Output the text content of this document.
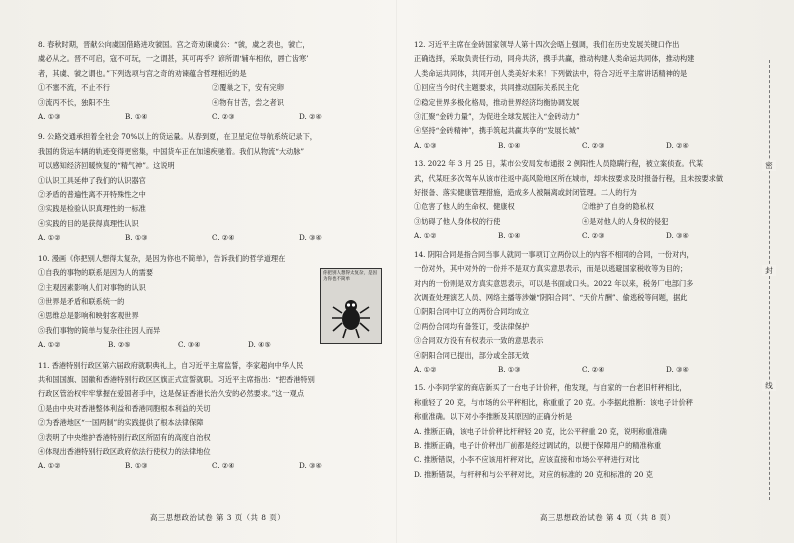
8. 春秋时期，晋献公向虞国借路进攻虢国。宫之奇劝谏虞公：“虢，虞之表也，虢亡，
虞必从之。晋不可启，寇不可玩，一之谓甚，其可再乎？谚所谓‘辅车相依，唇亡齿寒’
者，其虞、虢之谓也。”下列选项与宫之奇的劝谏蕴含哲理相近的是
①不塞不流，不止不行	②覆巢之下，安有完卵
③流丙不长，独阳不生	④物有甘苦，尝之者识
A. ①③	B. ①④	C. ②③	D. ②④
9. 公路交通承担着全社会 70%以上的货运量。从春到夏，在卫星定位导航系统记录下，
我国的货运车辆的轨迹变得更密集，中国货车正在加速疾驰着。我们从物流“大动脉”
可以感知经济回暖恢复的“精气神”。这说明
①认识工具延伸了我们的认识器官
②矛盾的普遍性离不开特殊性之中
③实践是检验认识真理性的一标准
④实践的目的是获得真理性认识
A. ①②	B. ①③	C. ②④	D. ③④
10. 漫画《你把别人想得太复杂，是因为你也不简单》，告诉我们的哲学道理在
你把别人想得太复杂，是因为你也不简单
①自我的事物的联系是因为人的需要
②主观因素影响人们对事物的认识
③世界是矛盾和联系统一的
④思维总是影响和映射客观世界
⑤我们事物的简单与复杂往往因人而异
A. ①②	B. ②⑤	C. ③④	D. ④⑤
11. 香港特别行政区第六届政府就职典礼上，自习近平主席监誓，李家超向中华人民
共和国国旗、国徽和香港特别行政区区旗正式宣誓就职。习近平主席指出：“把香港特别
行政区管治权牢牢掌握在爱国者手中，这是保证香港长治久安的必然要求。”这一观点
①是由中央对香港整体利益和香港同胞根本利益的关切
②为香港地区“一国两制”的实践提供了根本法律保障
③表明了中央维护香港特别行政区所固有的高度自治权
④体现出香港特别行政区政府依法行使权力的法律地位
A. ①②	B. ①③	C. ②④	D. ③④
12. 习近平主席在金砖国家领导人第十四次会晤上强调，我们在历史发展关键口作出
正确选择，采取负责任行动，同舟共济，携手共赢，推动构建人类命运共同体，推动构建
人类命运共同体，共同开创人类美好未来！下列做法中，符合习近平主席讲话精神的是
①回应当今时代主题要求，共同推动国际关系民主化
②稳定世界多极化格局，推动世界经济均衡协调发展
③汇聚“金砖力量”，为促进全球发展注入“金砖动力”
④坚持“金砖精神”，携手筑起共赢共享的“发展长城”
A. ①③	B. ①④	C. ②③	D. ②④
13. 2022 年 3 月 25 日，某市公安局发布通报 2 例阳性人员隐瞒行程，被立案侦查。代某
武，代某旺多次驾车从该市往返中高风险地区所在城市，却未按要求及时报备行程，且未按要求做
好报备、落实健康管理措施，造成多人被隔离或封闭管理。二人的行为
①危害了他人的生命权、健康权	②维护了自身的隐私权
③妨碍了他人身体权的行使	④是对他人的人身权的侵犯
A. ①②	B. ①④	C. ②③	D. ③④
14. 阴阳合同是指合同当事人就同一事项订立两份以上的内容不相同的合同，一份对内，
一份对外，其中对外的一份并不是双方真实意思表示，而是以逃避国家税收等为目的；
对内的一份则是双方真实意思表示，可以是书面或口头。2022 年以来，税务厂电部门多
次调查处理演艺人员、网络主播等涉嫌“阴阳合同”、“天价片酬”、偷逃税等问题，据此
①阴阳合同中订立的两份合同均成立
②两份合同均有备签订，受法律保护
③合同双方没有有权表示一致的意思表示
④阴阳合同已提出，部分或全部无效
A. ①②	B. ①③	C. ②④	D. ③④
15. 小李同学家的商店新买了一台电子计价秤，他发现，与自家的一台老旧杆秤相比，
称重轻了 20 克，与市场的公平秤相比，称重重了 20 克。小李据此推断：该电子计价秤
称重准确。以下对小李推断及其原因的正确分析是
A. 推断正确，该电子计价秤比杆秤轻 20 克，比公平秤重 20 克，说明称重准确
B. 推断正确，电子计价秤出厂前都是经过调试的，以便于保障用户的精准称重
C. 推断错误，小李不应该用杆秤对比，应该直接和市场公平秤进行对比
D. 推断错误，与杆秤和与公平秤对比，对应的标准的 20 克和标准的 20 克
密
封
线
高三思想政治试卷 第 3 页（共 8 页）	高三思想政治试卷 第 4 页（共 8 页）
